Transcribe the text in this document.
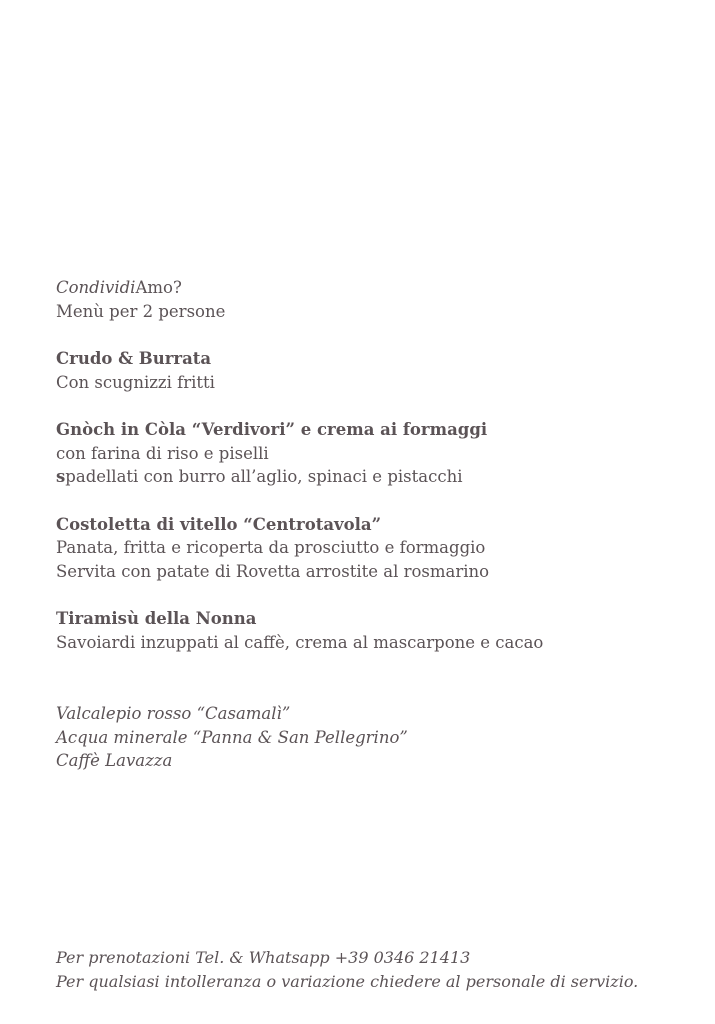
CondividiAmo?
Menù per 2 persone
Crudo & Burrata
Con scugnizzi fritti
Gnòch in Còla “Verdivori” e crema ai formaggi
con farina di riso e piselli
spadellati con burro all’aglio, spinaci e pistacchi
Costoletta di vitello “Centrotavola”
Panata, fritta e ricoperta da prosciutto e formaggio
Servita con patate di Rovetta arrostite al rosmarino
Tiramisù della Nonna
Savoiardi inzuppati al caffè, crema al mascarpone e cacao
Valcalepio rosso “Casamalì”
Acqua minerale “Panna & San Pellegrino”
Caffè Lavazza
Per prenotazioni Tel. & Whatsapp +39 0346 21413
Per qualsiasi intolleranza o variazione chiedere al personale di servizio.
